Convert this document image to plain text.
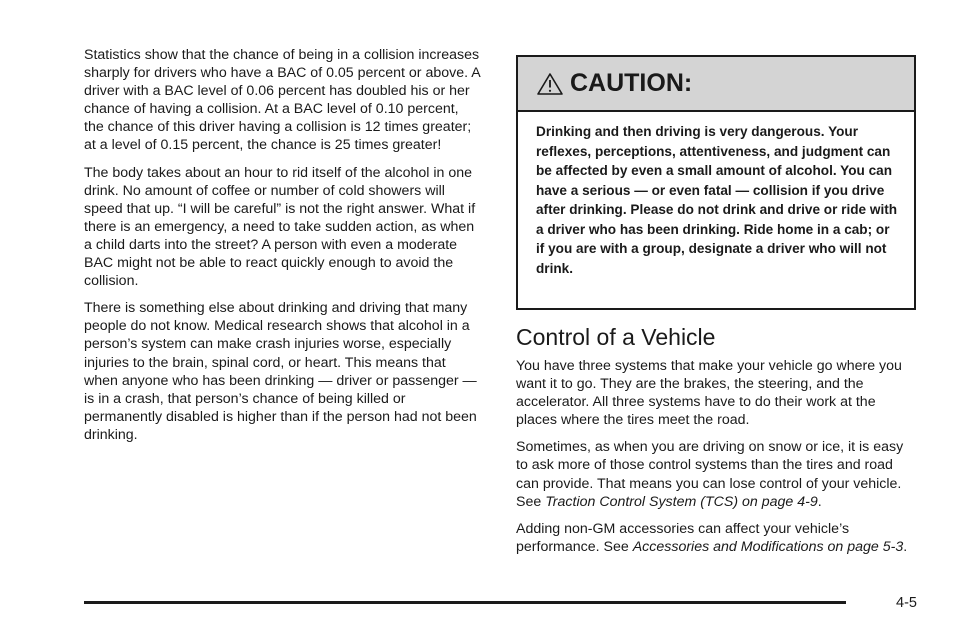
Statistics show that the chance of being in a collision increases sharply for drivers who have a BAC of 0.05 percent or above. A driver with a BAC level of 0.06 percent has doubled his or her chance of having a collision. At a BAC level of 0.10 percent, the chance of this driver having a collision is 12 times greater; at a level of 0.15 percent, the chance is 25 times greater!

The body takes about an hour to rid itself of the alcohol in one drink. No amount of coffee or number of cold showers will speed that up. “I will be careful” is not the right answer. What if there is an emergency, a need to take sudden action, as when a child darts into the street? A person with even a moderate BAC might not be able to react quickly enough to avoid the collision.

There is something else about drinking and driving that many people do not know. Medical research shows that alcohol in a person’s system can make crash injuries worse, especially injuries to the brain, spinal cord, or heart. This means that when anyone who has been drinking — driver or passenger — is in a crash, that person’s chance of being killed or permanently disabled is higher than if the person had not been drinking.

CAUTION:
Drinking and then driving is very dangerous. Your reflexes, perceptions, attentiveness, and judgment can be affected by even a small amount of alcohol. You can have a serious — or even fatal — collision if you drive after drinking. Please do not drink and drive or ride with a driver who has been drinking. Ride home in a cab; or if you are with a group, designate a driver who will not drink.
Control of a Vehicle

You have three systems that make your vehicle go where you want it to go. They are the brakes, the steering, and the accelerator. All three systems have to do their work at the places where the tires meet the road.

Sometimes, as when you are driving on snow or ice, it is easy to ask more of those control systems than the tires and road can provide. That means you can lose control of your vehicle. See Traction Control System (TCS) on page 4-9.

Adding non-GM accessories can affect your vehicle’s performance. See Accessories and Modifications on page 5-3.

4-5
